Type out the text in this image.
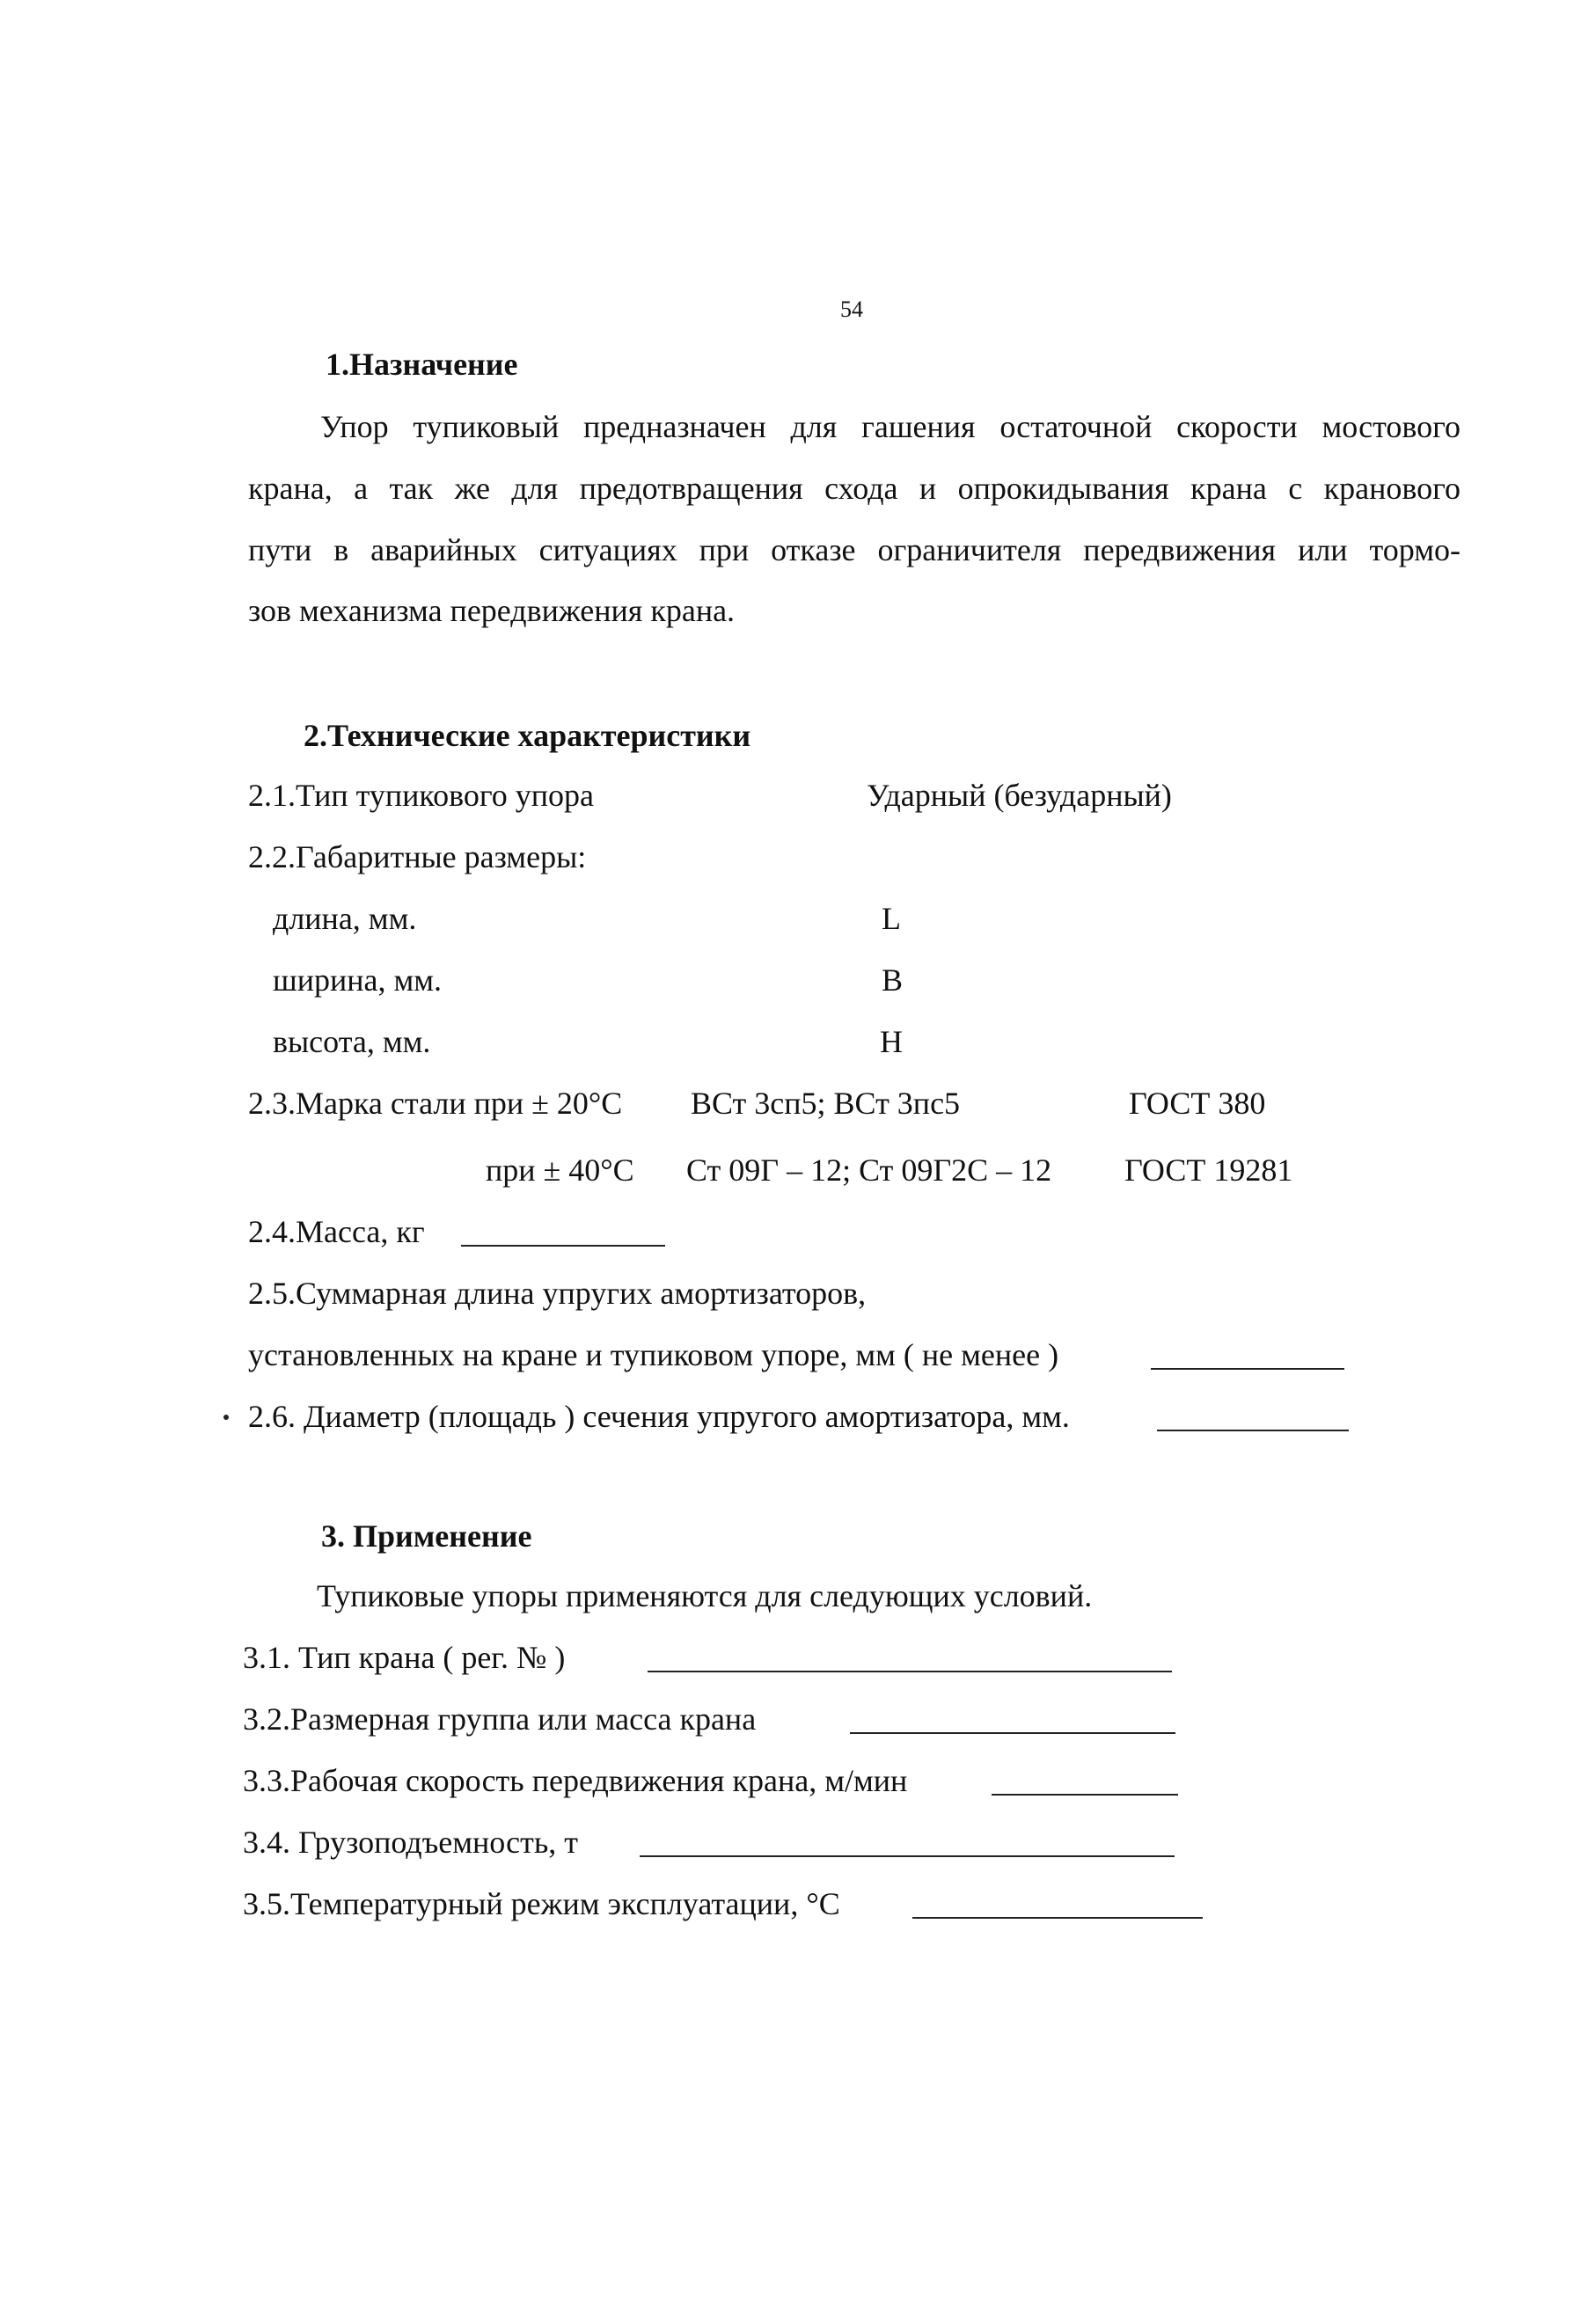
54
1.Назначение
Упор тупиковый предназначен для гашения остаточной скорости мостового
крана, а так же для предотвращения схода и опрокидывания крана с кранового
пути в аварийных ситуациях при отказе ограничителя передвижения или тормо-
зов механизма передвижения крана.
2.Технические характеристики
2.1.Тип тупикового упора	Ударный (безударный)
2.2.Габаритные размеры:
длина, мм.	L
ширина, мм.	B
высота, мм.	H
2.3.Марка стали при ± 20°С ВСт 3сп5; ВСт 3пс5	ГОСТ 380
при ± 40°С Ст 09Г – 12; Ст 09Г2С – 12 ГОСТ 19281
2.4.Масса, кг
2.5.Суммарная длина упругих амортизаторов,
установленных на кране и тупиковом упоре, мм ( не менее )
2.6. Диаметр (площадь ) сечения упругого амортизатора, мм.
3. Применение
Тупиковые упоры применяются для следующих условий.
3.1. Тип крана ( рег. № )
3.2.Размерная группа или масса крана
3.3.Рабочая скорость передвижения крана, м/мин
3.4. Грузоподъемность, т
3.5.Температурный режим эксплуатации, °С
